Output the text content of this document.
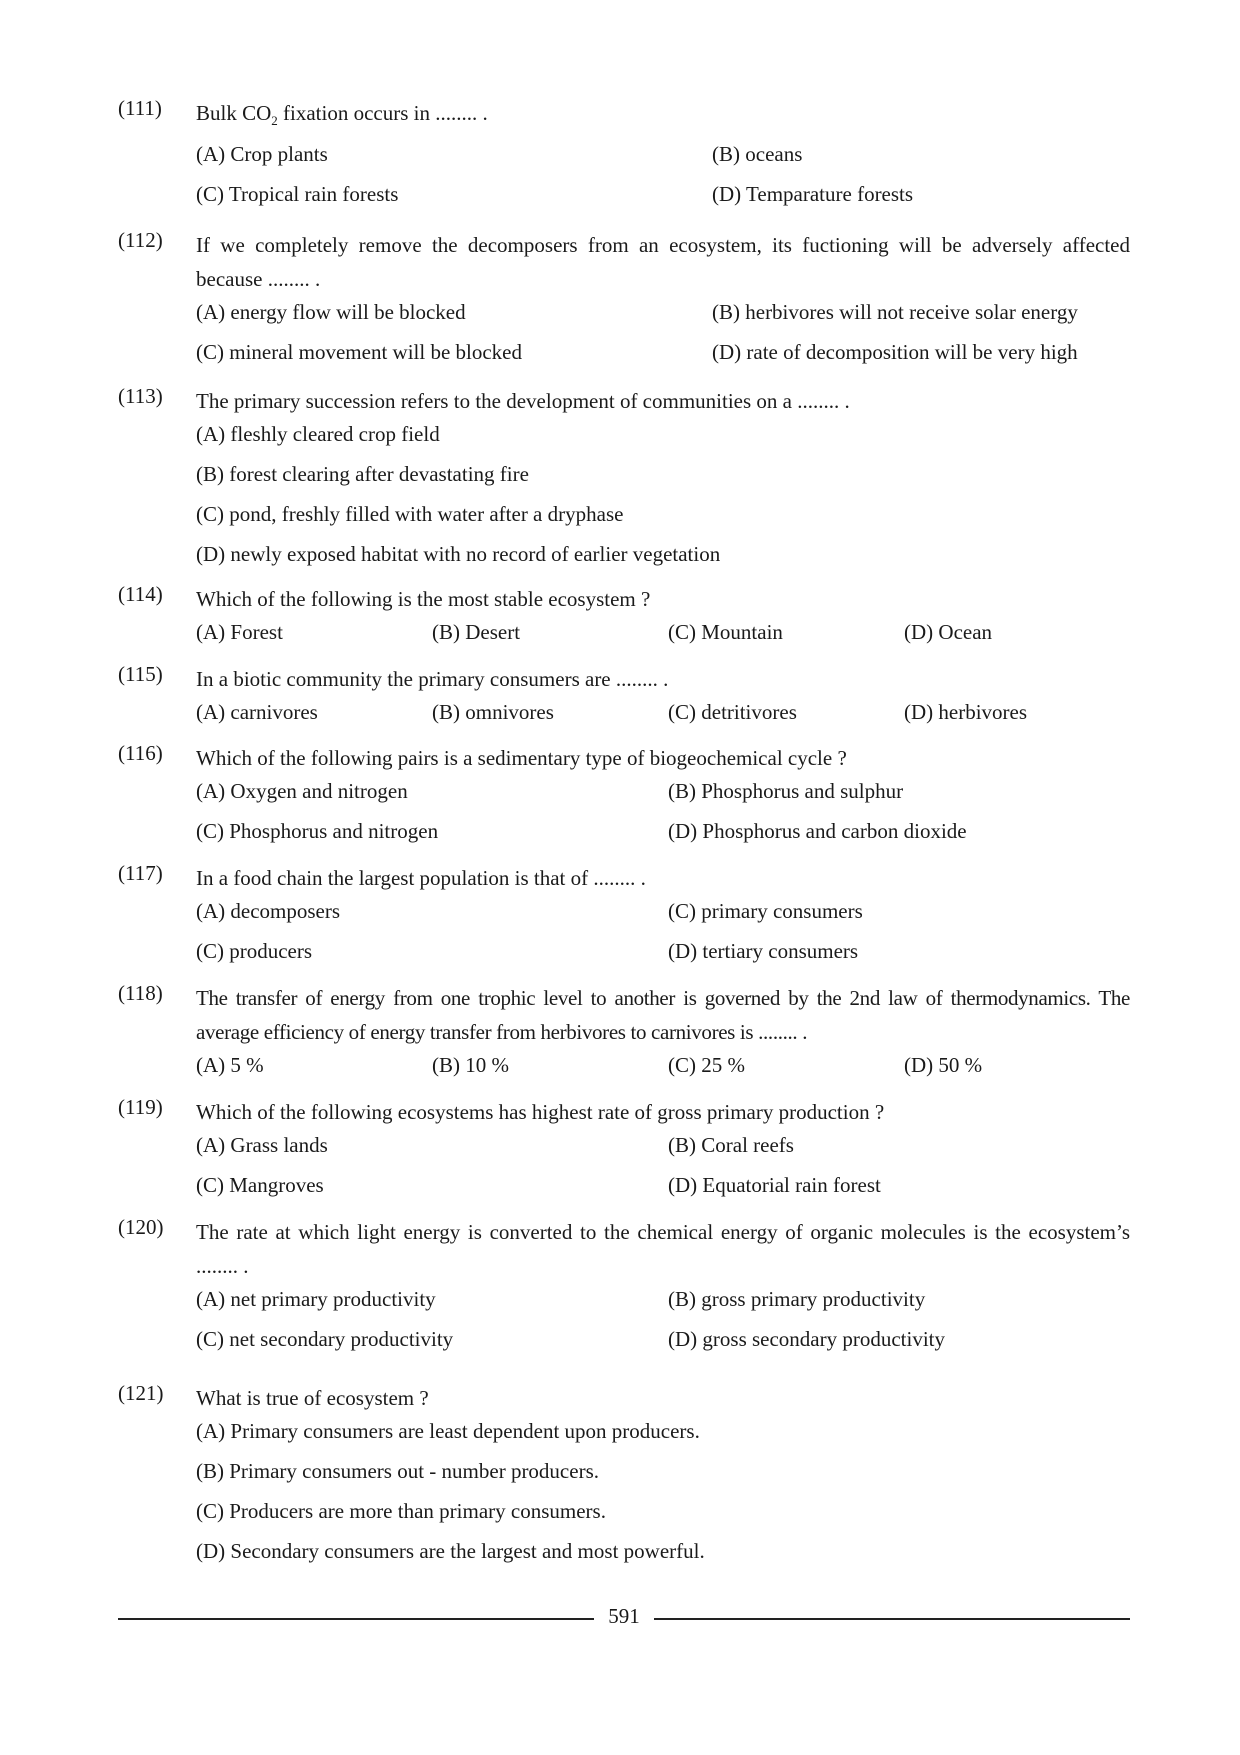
(111)	Bulk $CO_2$ fixation occurs in ........ .
(A) Crop plants	(B) oceans
(C) Tropical rain forests	(D) Temparature forests
(112)	If we completely remove the decomposers from an ecosystem, its fuctioning will be adversely affected because ........ .
(A) energy flow will be blocked	(B) herbivores will not receive solar energy
(C) mineral movement will be blocked	(D) rate of decomposition will be very high
(113)	The primary succession refers to the development of communities on a ........ .
(A) fleshly cleared crop field
(B) forest clearing after devastating fire
(C) pond, freshly filled with water after a dryphase
(D) newly exposed habitat with no record of earlier vegetation
(114)	Which of the following is the most stable ecosystem ?
(A) Forest	(B) Desert	(C) Mountain	(D) Ocean
(115)	In a biotic community the primary consumers are ........ .
(A) carnivores	(B) omnivores	(C) detritivores	(D) herbivores
(116)	Which of the following pairs is a sedimentary type of biogeochemical cycle ?
(A) Oxygen and nitrogen	(B) Phosphorus and sulphur
(C) Phosphorus and nitrogen	(D) Phosphorus and carbon dioxide
(117)	In a food chain the largest population is that of ........ .
(A) decomposers	(C) primary consumers
(C) producers	(D) tertiary consumers
(118)	The transfer of energy from one trophic level to another is governed by the 2nd law of thermodynamics. The average efficiency of energy transfer from herbivores to carnivores is ........ .
(A) 5 %	(B) 10 %	(C) 25 %	(D) 50 %
(119)	Which of the following ecosystems has highest rate of gross primary production ?
(A) Grass lands	(B) Coral reefs
(C) Mangroves	(D) Equatorial rain forest
(120)	The rate at which light energy is converted to the chemical energy of organic molecules is the ecosystem’s ........ .
(A) net primary productivity	(B) gross primary productivity
(C) net secondary productivity	(D) gross secondary productivity
(121)	What is true of ecosystem ?
(A) Primary consumers are least dependent upon producers.
(B) Primary consumers out - number producers.
(C) Producers are more than primary consumers.
(D) Secondary consumers are the largest and most powerful.
591
